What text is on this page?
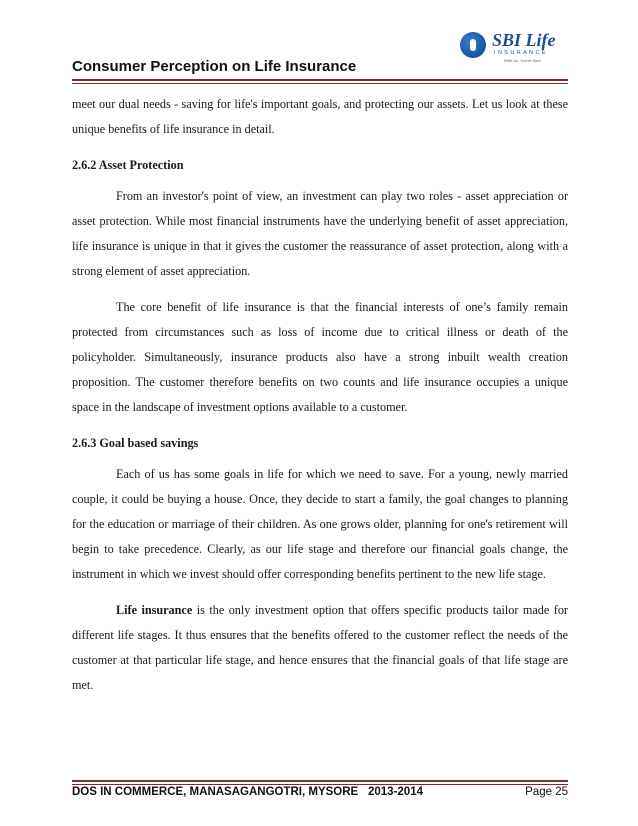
Consumer Perception on Life Insurance
SBI Life
INSURANCE
With Us, You're Sure

meet our dual needs - saving for life's important goals, and protecting our assets. Let us look at these unique benefits of life insurance in detail.

2.6.2 Asset Protection

From an investor's point of view, an investment can play two roles - asset appreciation or asset protection. While most financial instruments have the underlying benefit of asset appreciation, life insurance is unique in that it gives the customer the reassurance of asset protection, along with a strong element of asset appreciation.

The core benefit of life insurance is that the financial interests of one’s family remain protected from circumstances such as loss of income due to critical illness or death of the policyholder. Simultaneously, insurance products also have a strong inbuilt wealth creation proposition. The customer therefore benefits on two counts and life insurance occupies a unique space in the landscape of investment options available to a customer.

2.6.3 Goal based savings

Each of us has some goals in life for which we need to save. For a young, newly married couple, it could be buying a house. Once, they decide to start a family, the goal changes to planning for the education or marriage of their children. As one grows older, planning for one's retirement will begin to take precedence. Clearly, as our life stage and therefore our financial goals change, the instrument in which we invest should offer corresponding benefits pertinent to the new life stage.

Life insurance is the only investment option that offers specific products tailor made for different life stages. It thus ensures that the benefits offered to the customer reflect the needs of the customer at that particular life stage, and hence ensures that the financial goals of that life stage are met.

DOS IN COMMERCE, MANASAGANGOTRI, MYSORE 2013-2014	Page 25
